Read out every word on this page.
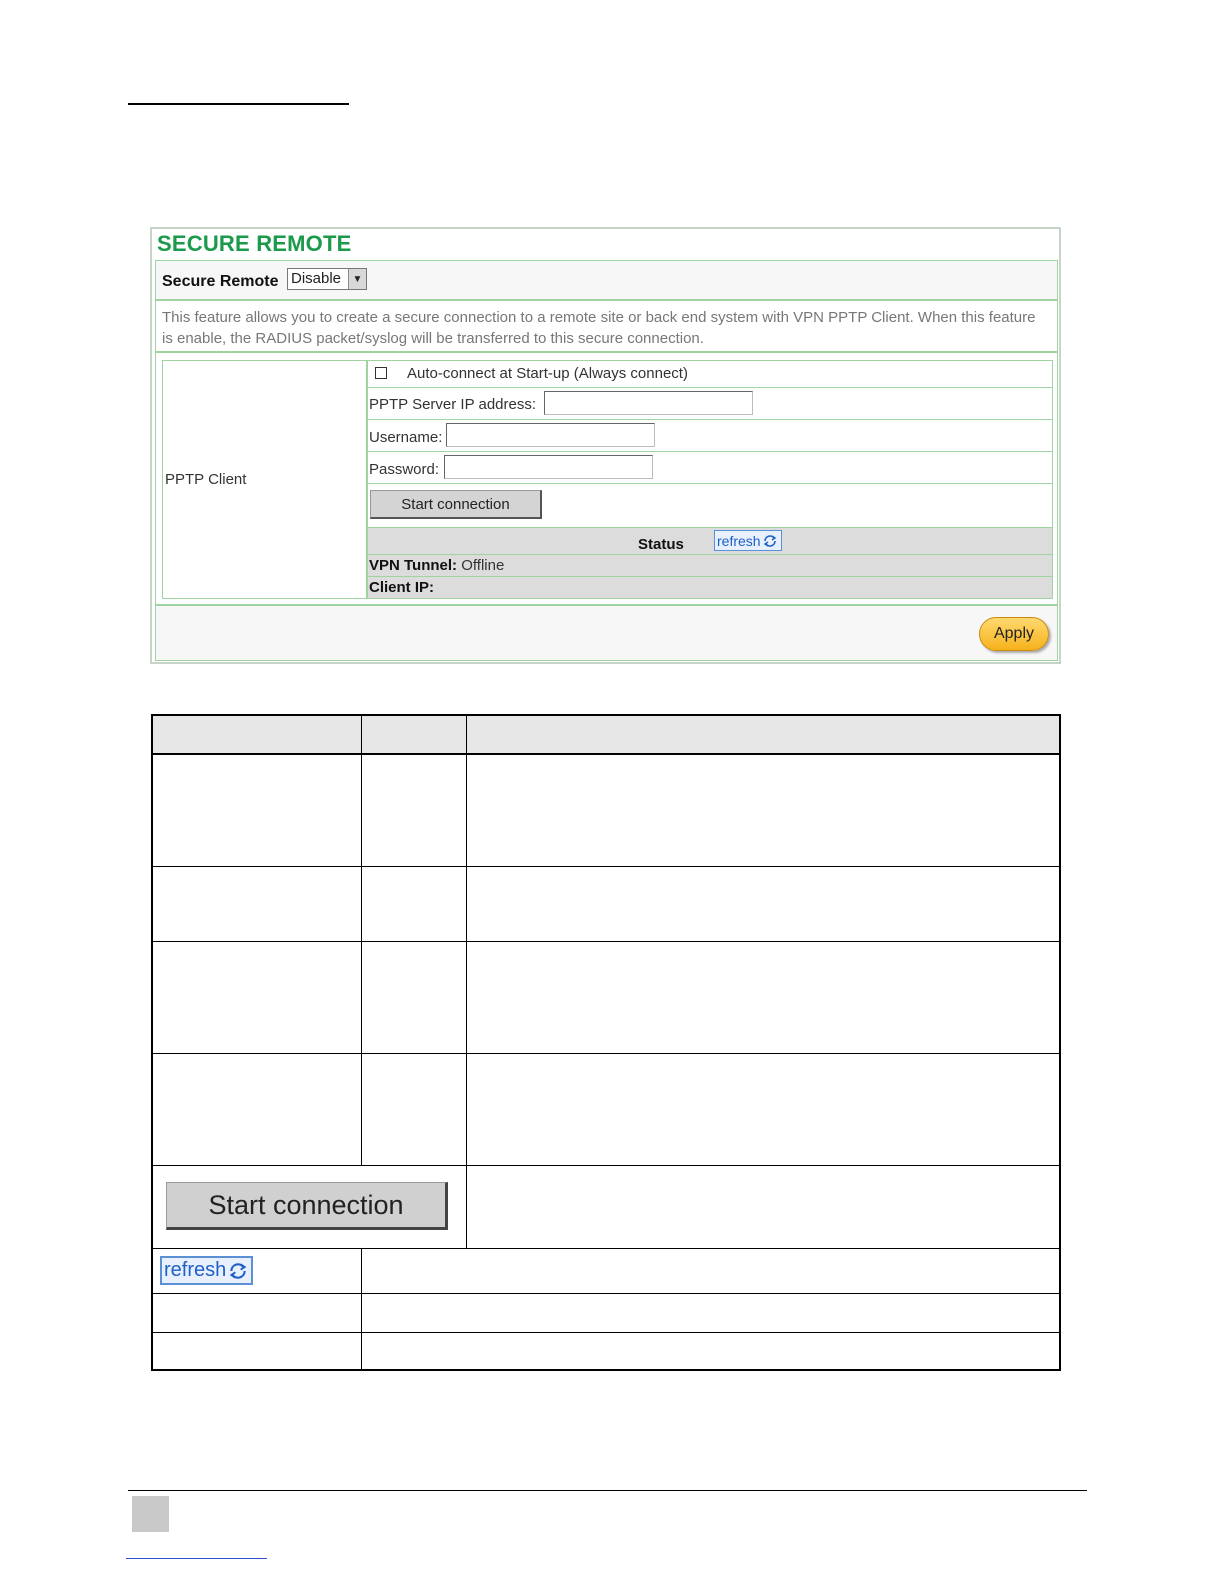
SECURE REMOTE
Secure Remote Disable	▼
This feature allows you to create a secure connection to a remote site or back end system with VPN PPTP Client. When this feature is enable, the RADIUS packet/syslog will be transferred to this secure connection.
PPTP Client
Auto-connect at Start-up (Always connect)
PPTP Server IP address:
Username:
Password:
Start connection
Status refresh
VPN Tunnel: Offline
Client IP:
Apply
Start connection
refresh
